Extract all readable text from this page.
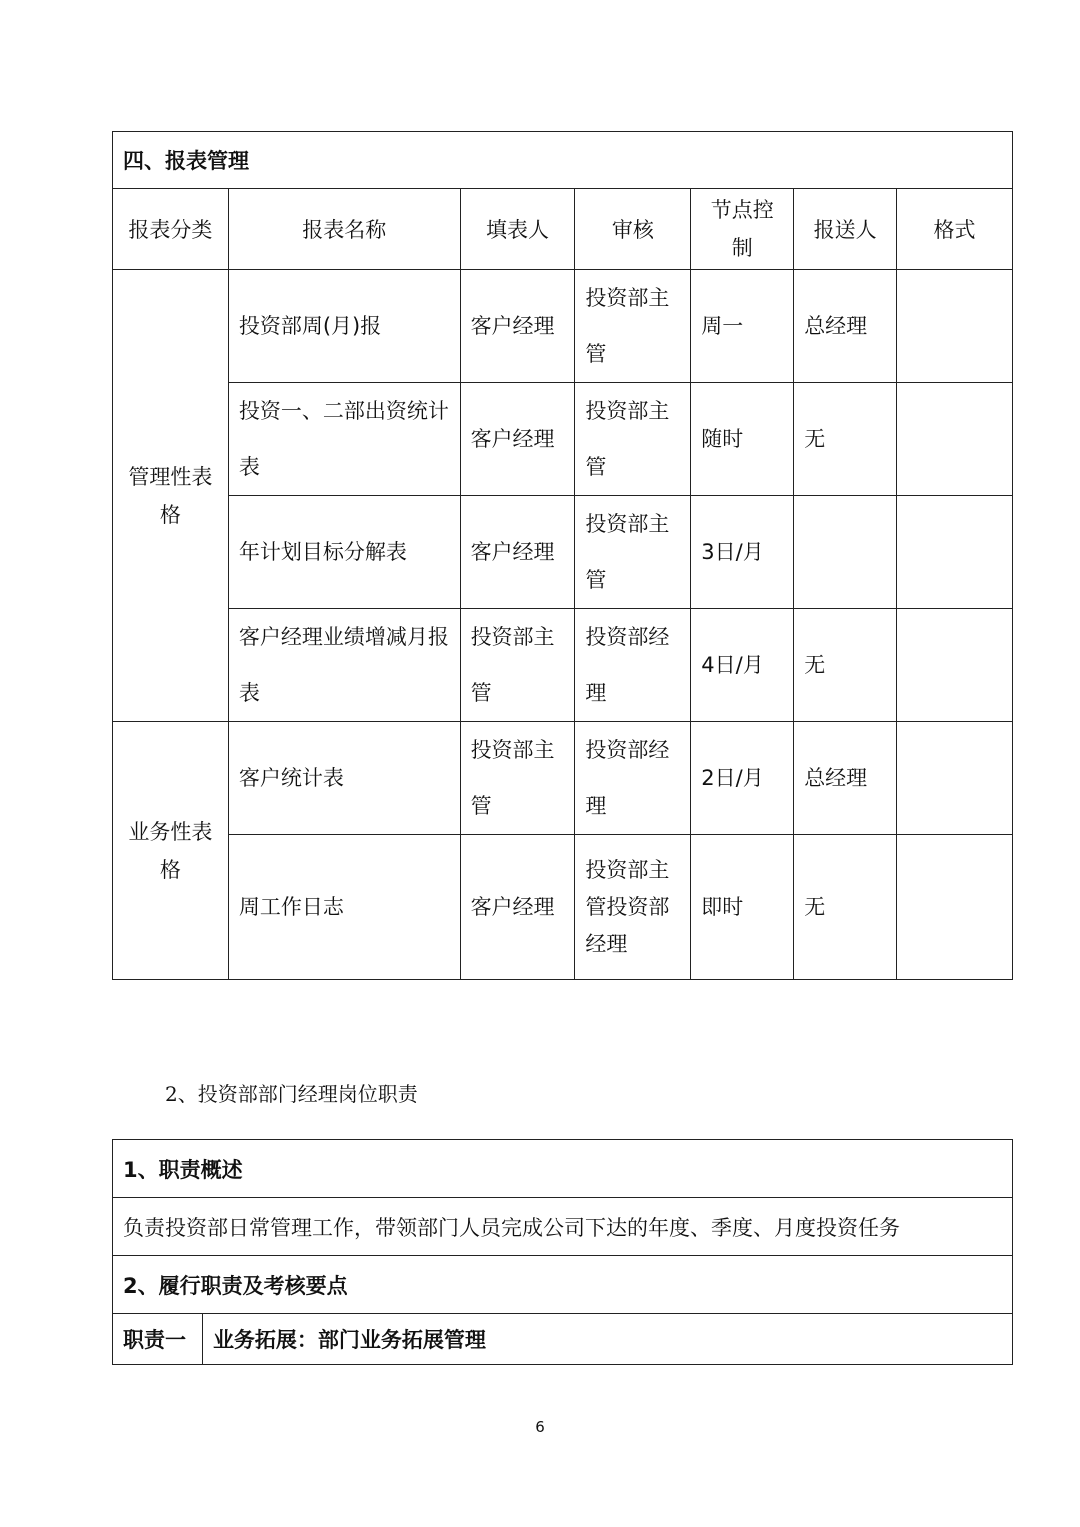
四、报表管理						
报表分类	报表名称	填表人	审核	节点控制	报送人	格式
管理性表格	投资部周(月)报	客户经理	投资部主管	周一	总经理	
	投资一、二部出资统计表	客户经理	投资部主管	随时	无	
	年计划目标分解表	客户经理	投资部主管	3日/月		
	客户经理业绩增减月报表	投资部主管	投资部经理	4日/月	无	
业务性表格	客户统计表	投资部主管	投资部经理	2日/月	总经理	
	周工作日志	客户经理	投资部主管投资部经理	即时	无	
2、投资部部门经理岗位职责
1、职责概述
负责投资部日常管理工作，带领部门人员完成公司下达的年度、季度、月度投资任务
2、履行职责及考核要点
职责一	业务拓展：部门业务拓展管理
6
